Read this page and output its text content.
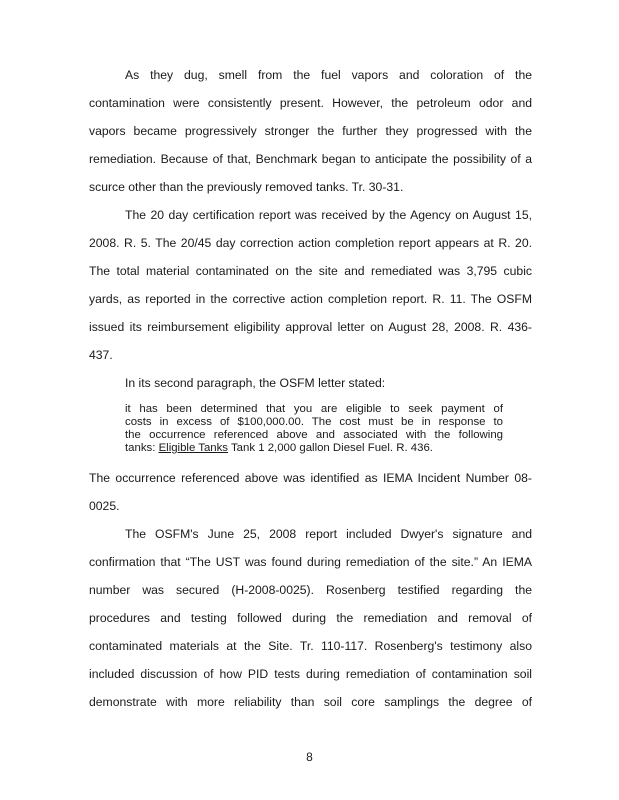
As they dug, smell from the fuel vapors and coloration of the
contamination were consistently present. However, the petroleum odor and
vapors became progressively stronger the further they progressed with the
remediation. Because of that, Benchmark began to anticipate the possibility of a
scurce other than the previously removed tanks. Tr. 30-31.
The 20 day certification report was received by the Agency on August 15,
2008. R. 5. The 20/45 day correction action completion report appears at R. 20.
The total material contaminated on the site and remediated was 3,795 cubic
yards, as reported in the corrective action completion report. R. 11. The OSFM
issued its reimbursement eligibility approval letter on August 28, 2008. R. 436-
437.
In its second paragraph, the OSFM letter stated:
it has been determined that you are eligible to seek payment of
costs in excess of $100,000.00. The cost must be in response to
the occurrence referenced above and associated with the following
tanks: Eligible Tanks Tank 1 2,000 gallon Diesel Fuel. R. 436.
The occurrence referenced above was identified as IEMA Incident Number 08-
0025.
The OSFM's June 25, 2008 report included Dwyer's signature and
confirmation that “The UST was found during remediation of the site.” An IEMA
number was secured (H-2008-0025). Rosenberg testified regarding the
procedures and testing followed during the remediation and removal of
contaminated materials at the Site. Tr. 110-117. Rosenberg's testimony also
included discussion of how PID tests during remediation of contamination soil
demonstrate with more reliability than soil core samplings the degree of
8
